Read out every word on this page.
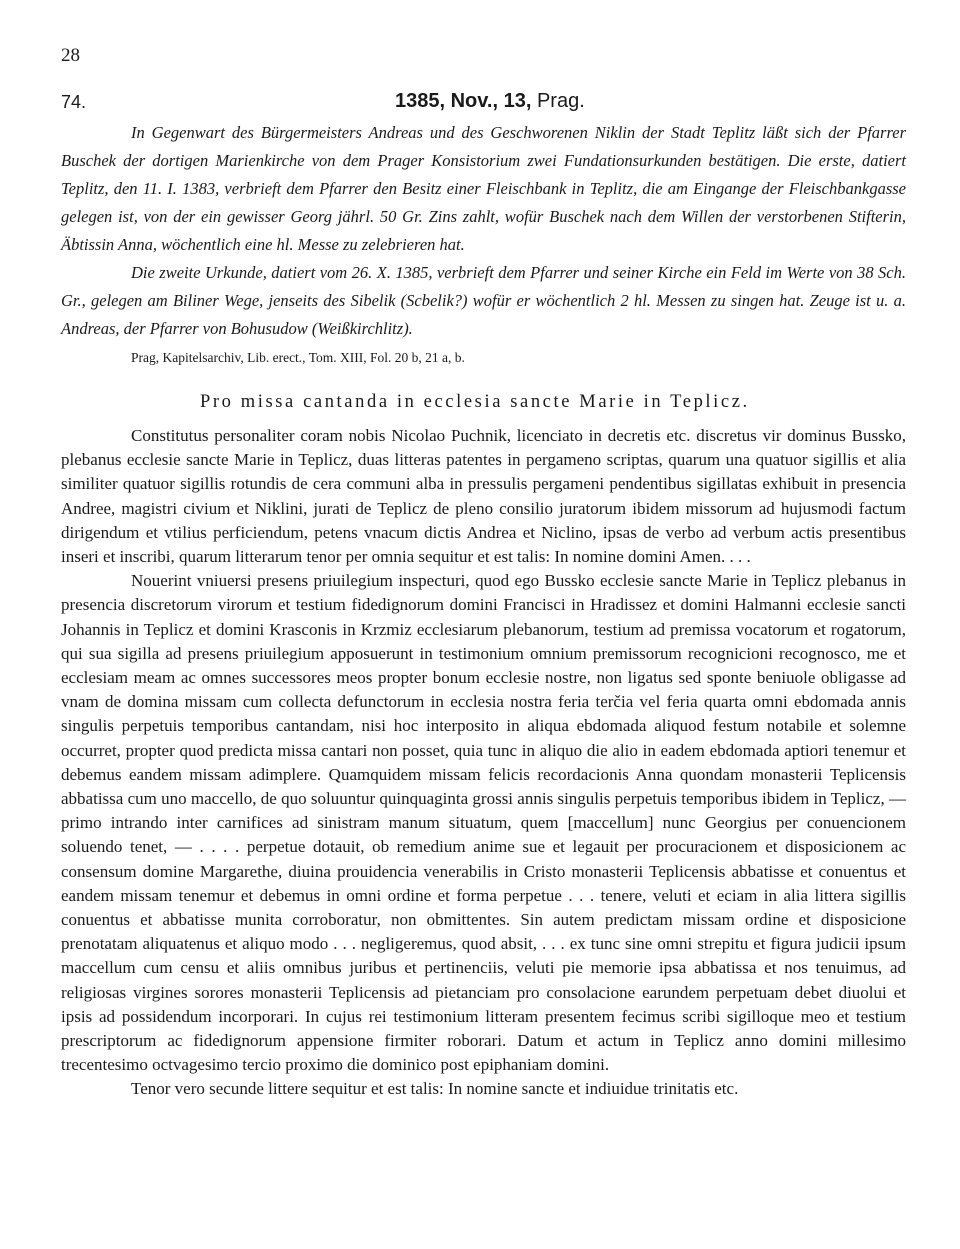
28
74.	1385, Nov., 13, Prag.

In Gegenwart des Bürgermeisters Andreas und des Geschworenen Niklin der Stadt Teplitz läßt sich der Pfarrer Buschek der dortigen Marienkirche von dem Prager Konsistorium zwei Fundationsurkunden bestätigen. Die erste, datiert Teplitz, den 11. I. 1383, verbrieft dem Pfarrer den Besitz einer Fleischbank in Teplitz, die am Eingange der Fleischbankgasse gelegen ist, von der ein gewisser Georg jährl. 50 Gr. Zins zahlt, wofür Buschek nach dem Willen der verstorbenen Stifterin, Äbtissin Anna, wöchentlich eine hl. Messe zu zelebrieren hat.

Die zweite Urkunde, datiert vom 26. X. 1385, verbrieft dem Pfarrer und seiner Kirche ein Feld im Werte von 38 Sch. Gr., gelegen am Biliner Wege, jenseits des Sibelik (Scbelik?) wofür er wöchentlich 2 hl. Messen zu singen hat. Zeuge ist u. a. Andreas, der Pfarrer von Bohusudow (Weißkirchlitz).

Prag, Kapitelsarchiv, Lib. erect., Tom. XIII, Fol. 20 b, 21 a, b.
Pro missa cantanda in ecclesia sancte Marie in Teplicz.

Constitutus personaliter coram nobis Nicolao Puchnik, licenciato in decretis etc. discretus vir dominus Bussko, plebanus ecclesie sancte Marie in Teplicz, duas litteras patentes in pergameno scriptas, quarum una quatuor sigillis et alia similiter quatuor sigillis rotundis de cera communi alba in pressulis pergameni pendentibus sigillatas exhibuit in presencia Andree, magistri civium et Niklini, jurati de Teplicz de pleno consilio juratorum ibidem missorum ad hujusmodi factum dirigendum et vtilius perficiendum, petens vnacum dictis Andrea et Niclino, ipsas de verbo ad verbum actis presentibus inseri et inscribi, quarum litterarum tenor per omnia sequitur et est talis: In nomine domini Amen. . . .

Nouerint vniuersi presens priuilegium inspecturi, quod ego Bussko ecclesie sancte Marie in Teplicz plebanus in presencia discretorum virorum et testium fidedignorum domini Francisci in Hradissez et domini Halmanni ecclesie sancti Johannis in Teplicz et domini Krasconis in Krzmiz ecclesiarum plebanorum, testium ad premissa vocatorum et rogatorum, qui sua sigilla ad presens priuilegium apposuerunt in testimonium omnium premissorum recognicioni recognosco, me et ecclesiam meam ac omnes successores meos propter bonum ecclesie nostre, non ligatus sed sponte beniuole obligasse ad vnam de domina missam cum collecta defunctorum in ecclesia nostra feria terčia vel feria quarta omni ebdomada annis singulis perpetuis temporibus cantandam, nisi hoc interposito in aliqua ebdomada aliquod festum notabile et solemne occurret, propter quod predicta missa cantari non posset, quia tunc in aliquo die alio in eadem ebdomada aptiori tenemur et debemus eandem missam adimplere. Quamquidem missam felicis recordacionis Anna quondam monasterii Teplicensis abbatissa cum uno maccello, de quo soluuntur quinquaginta grossi annis singulis perpetuis temporibus ibidem in Teplicz, — primo intrando inter carnifices ad sinistram manum situatum, quem [maccellum] nunc Georgius per conuencionem soluendo tenet, — . . . . perpetue dotauit, ob remedium anime sue et legauit per procuracionem et disposicionem ac consensum domine Margarethe, diuina prouidencia venerabilis in Cristo monasterii Teplicensis abbatisse et conuentus et eandem missam tenemur et debemus in omni ordine et forma perpetue . . . tenere, veluti et eciam in alia littera sigillis conuentus et abbatisse munita corroboratur, non obmittentes. Sin autem predictam missam ordine et disposicione prenotatam aliquatenus et aliquo modo . . . negligeremus, quod absit, . . . ex tunc sine omni strepitu et figura judicii ipsum maccellum cum censu et aliis omnibus juribus et pertinenciis, veluti pie memorie ipsa abbatissa et nos tenuimus, ad religiosas virgines sorores monasterii Teplicensis ad pietanciam pro consolacione earundem perpetuam debet diuolui et ipsis ad possidendum incorporari. In cujus rei testimonium litteram presentem fecimus scribi sigilloque meo et testium prescriptorum ac fidedignorum appensione firmiter roborari. Datum et actum in Teplicz anno domini millesimo trecentesimo octvagesimo tercio proximo die dominico post epiphaniam domini.

Tenor vero secunde littere sequitur et est talis: In nomine sancte et indiuidue trinitatis etc.
